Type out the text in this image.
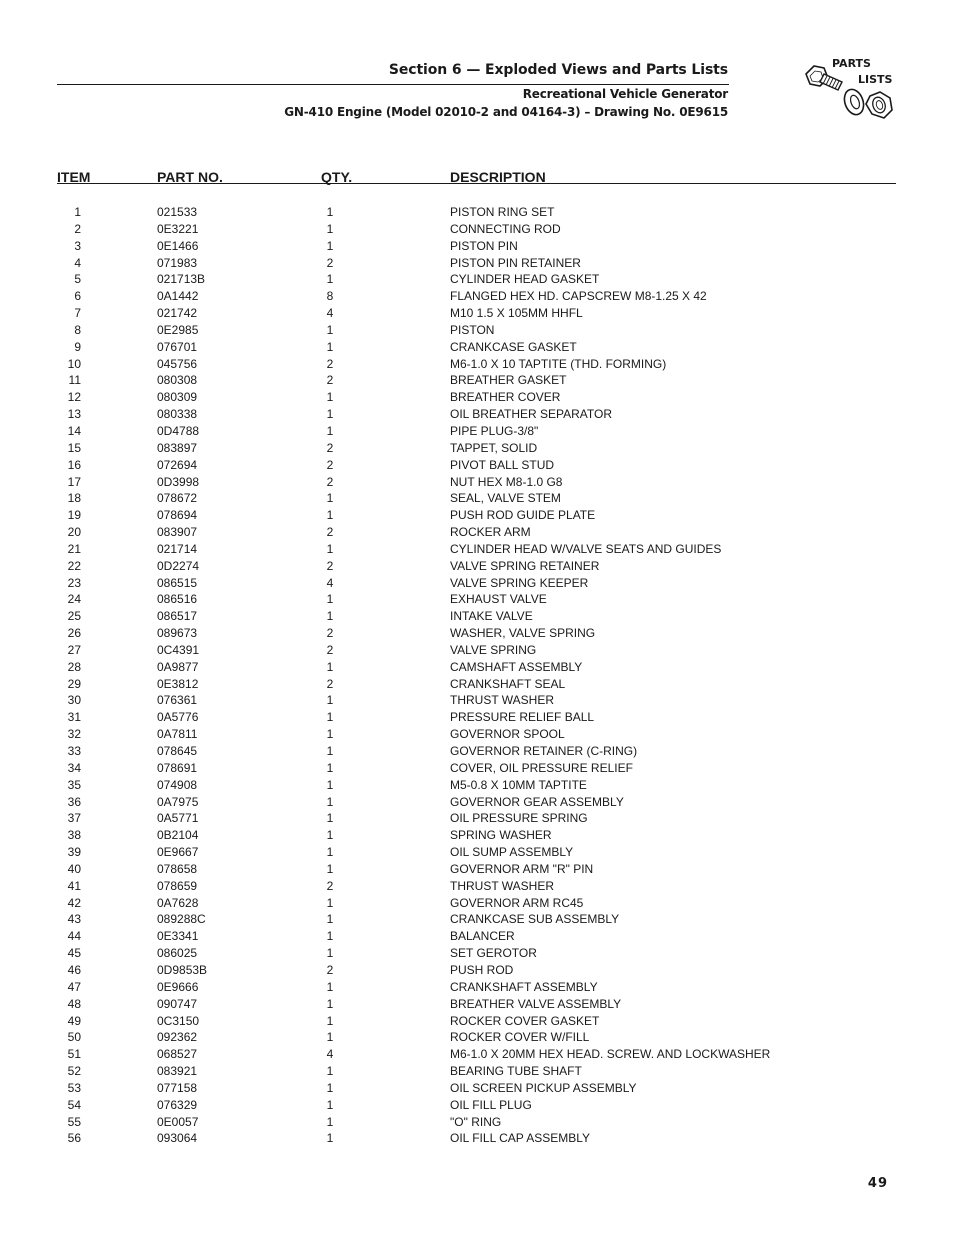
Section 6 — Exploded Views and Parts Lists
Recreational Vehicle Generator
GN-410 Engine (Model 02010-2 and 04164-3) – Drawing No. 0E9615
PARTS
LISTS
ITEM	PART NO.	QTY.	DESCRIPTION
1	021533	1	PISTON RING SET
2	0E3221	1	CONNECTING ROD
3	0E1466	1	PISTON PIN
4	071983	2	PISTON PIN RETAINER
5	021713B	1	CYLINDER HEAD GASKET
6	0A1442	8	FLANGED HEX HD. CAPSCREW M8-1.25 X 42
7	021742	4	M10 1.5 X 105MM HHFL
8	0E2985	1	PISTON
9	076701	1	CRANKCASE GASKET
10	045756	2	M6-1.0 X 10 TAPTITE (THD. FORMING)
11	080308	2	BREATHER GASKET
12	080309	1	BREATHER COVER
13	080338	1	OIL BREATHER SEPARATOR
14	0D4788	1	PIPE PLUG-3/8"
15	083897	2	TAPPET, SOLID
16	072694	2	PIVOT BALL STUD
17	0D3998	2	NUT HEX M8-1.0 G8
18	078672	1	SEAL, VALVE STEM
19	078694	1	PUSH ROD GUIDE PLATE
20	083907	2	ROCKER ARM
21	021714	1	CYLINDER HEAD W/VALVE SEATS AND GUIDES
22	0D2274	2	VALVE SPRING RETAINER
23	086515	4	VALVE SPRING KEEPER
24	086516	1	EXHAUST VALVE
25	086517	1	INTAKE VALVE
26	089673	2	WASHER, VALVE SPRING
27	0C4391	2	VALVE SPRING
28	0A9877	1	CAMSHAFT ASSEMBLY
29	0E3812	2	CRANKSHAFT SEAL
30	076361	1	THRUST WASHER
31	0A5776	1	PRESSURE RELIEF BALL
32	0A7811	1	GOVERNOR SPOOL
33	078645	1	GOVERNOR RETAINER (C-RING)
34	078691	1	COVER, OIL PRESSURE RELIEF
35	074908	1	M5-0.8 X 10MM TAPTITE
36	0A7975	1	GOVERNOR GEAR ASSEMBLY
37	0A5771	1	OIL PRESSURE SPRING
38	0B2104	1	SPRING WASHER
39	0E9667	1	OIL SUMP ASSEMBLY
40	078658	1	GOVERNOR ARM "R" PIN
41	078659	2	THRUST WASHER
42	0A7628	1	GOVERNOR ARM RC45
43	089288C	1	CRANKCASE SUB ASSEMBLY
44	0E3341	1	BALANCER
45	086025	1	SET GEROTOR
46	0D9853B	2	PUSH ROD
47	0E9666	1	CRANKSHAFT ASSEMBLY
48	090747	1	BREATHER VALVE ASSEMBLY
49	0C3150	1	ROCKER COVER GASKET
50	092362	1	ROCKER COVER W/FILL
51	068527	4	M6-1.0 X 20MM HEX HEAD. SCREW. AND LOCKWASHER
52	083921	1	BEARING TUBE SHAFT
53	077158	1	OIL SCREEN PICKUP ASSEMBLY
54	076329	1	OIL FILL PLUG
55	0E0057	1	"O" RING
56	093064	1	OIL FILL CAP ASSEMBLY
49
